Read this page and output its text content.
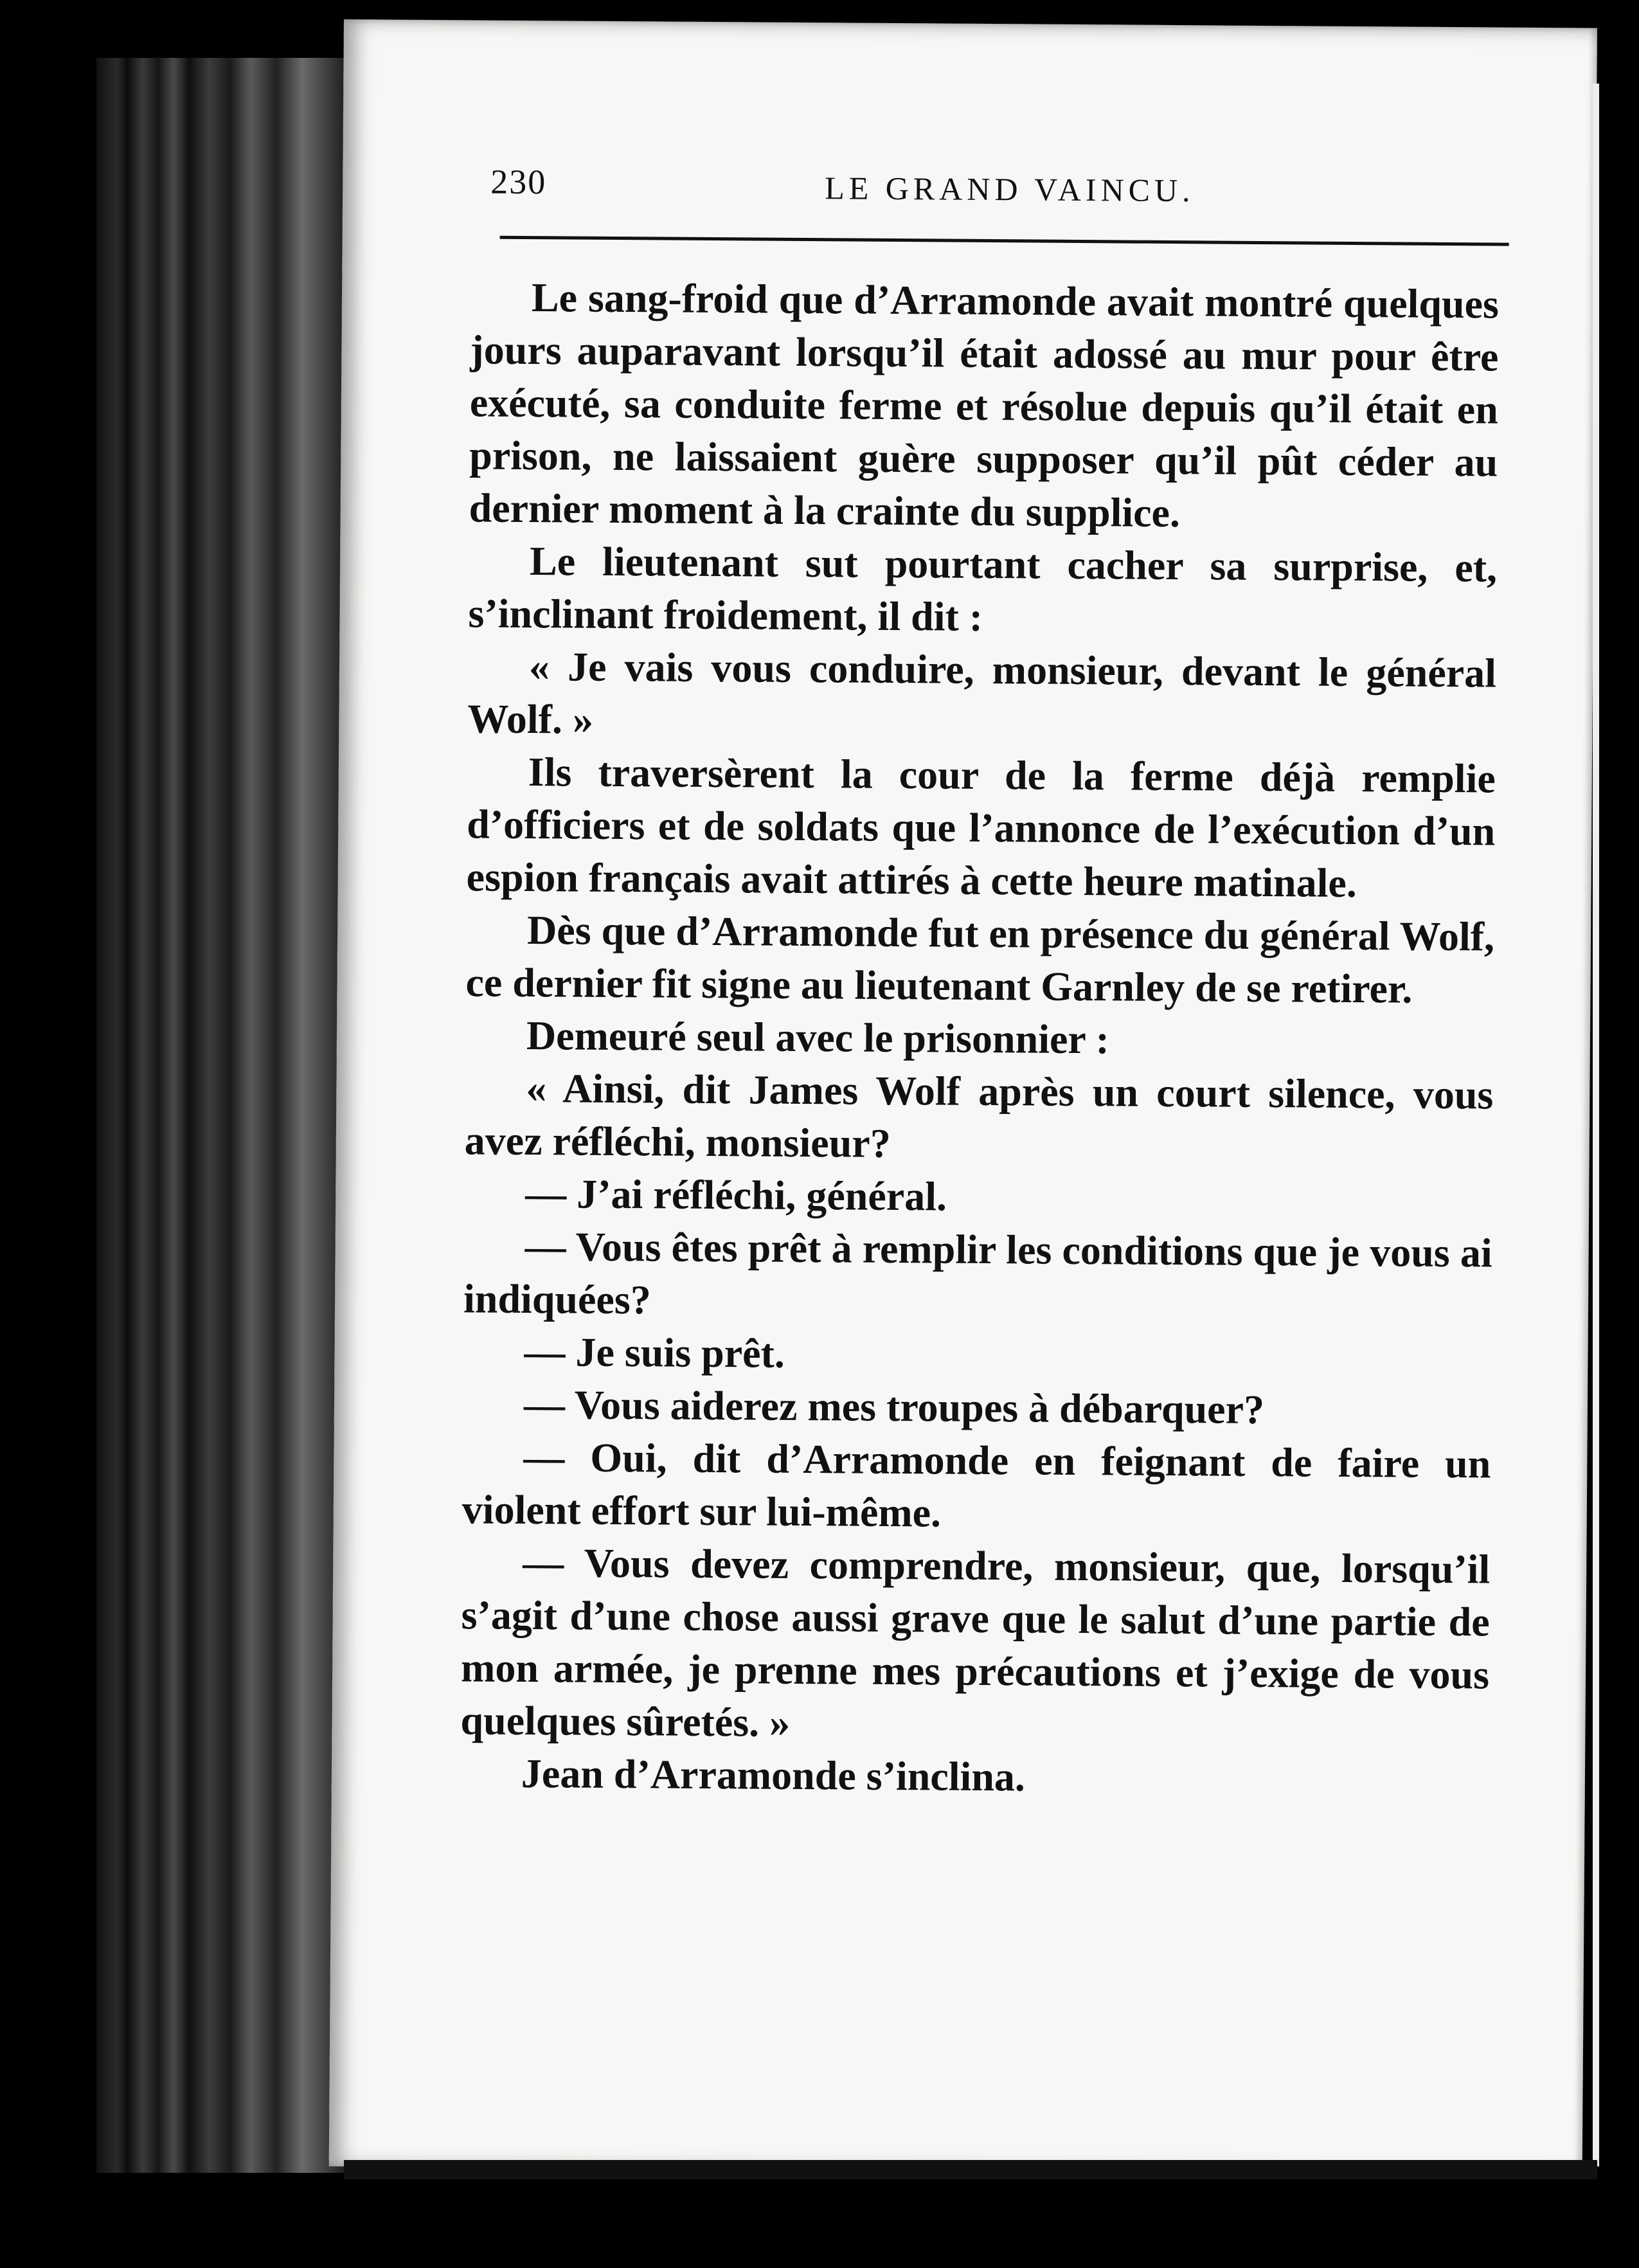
230	LE GRAND VAINCU.

Le sang-froid que d’Arramonde avait montré quelques jours auparavant lorsqu’il était adossé au mur pour être exécuté, sa conduite ferme et résolue depuis qu’il était en prison, ne laissaient guère supposer qu’il pût céder au dernier moment à la crainte du supplice.

Le lieutenant sut pourtant cacher sa surprise, et, s’inclinant froidement, il dit :

« Je vais vous conduire, monsieur, devant le général Wolf. »

Ils traversèrent la cour de la ferme déjà remplie d’officiers et de soldats que l’annonce de l’exécution d’un espion français avait attirés à cette heure matinale.

Dès que d’Arramonde fut en présence du général Wolf, ce dernier fit signe au lieutenant Garnley de se retirer.

Demeuré seul avec le prisonnier :

« Ainsi, dit James Wolf après un court silence, vous avez réfléchi, monsieur?

— J’ai réfléchi, général.

— Vous êtes prêt à remplir les conditions que je vous ai indiquées?

— Je suis prêt.

— Vous aiderez mes troupes à débarquer?

— Oui, dit d’Arramonde en feignant de faire un violent effort sur lui-même.

— Vous devez comprendre, monsieur, que, lorsqu’il s’agit d’une chose aussi grave que le salut d’une partie de mon armée, je prenne mes précautions et j’exige de vous quelques sûretés. »

Jean d’Arramonde s’inclina.
